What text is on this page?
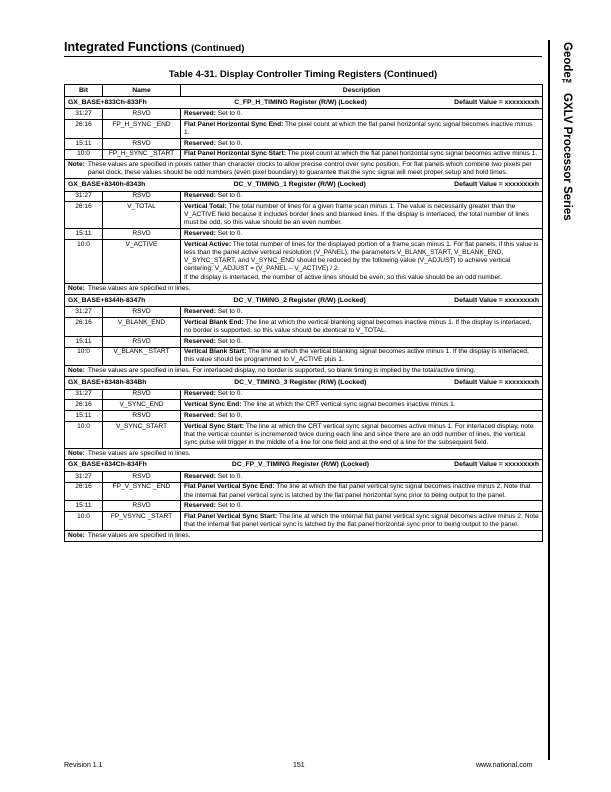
Integrated Functions (Continued)	Geode™ GXLV Processor Series
Table 4-31. Display Controller Timing Registers (Continued)
Bit	Name	Description

GX_BASE+833Ch-833Fh C_FP_H_TIMING Register (R/W) (Locked) Default Value = xxxxxxxxh		

31:27	RSVD	Reserved: Set to 0.

26:16	FP_H_SYNC _END	Flat Panel Horizontal Sync End: The pixel count at which the flat panel horizontal sync signal becomes inactive minus 1.

15:11	RSVD	Reserved: Set to 0.

10:0	FP_H_SYNC _START	Flat Panel Horizontal Sync Start: The pixel count at which the flat panel horizontal sync signal becomes active minus 1.

Note: These values are specified in pixels rather than character clocks to allow precise control over sync position. For flat panels which combine two pixels per panel clock, these values should be odd numbers (even pixel boundary) to guarantee that the sync signal will meet proper setup and hold times.		

GX_BASE+8340h-8343h DC_V_TIMING_1 Register (R/W) (Locked) Default Value = xxxxxxxxh		

31:27	RSVD	Reserved: Set to 0.

26:16	V_TOTAL	Vertical Total: The total number of lines for a given frame scan minus 1. The value is necessarily greater than the V_ACTIVE field because it includes border lines and blanked lines. If the display is interlaced, the total number of lines must be odd, so this value should be an even number.

15:11	RSVD	Reserved: Set to 0.

10:0	V_ACTIVE	Vertical Active: The total number of lines for the displayed portion of a frame scan minus 1. For flat panels, if this value is less than the panel active vertical resolution (V_PANEL), the parameters V_BLANK_START, V_BLANK_END, V_SYNC_START, and V_SYNC_END should be reduced by the following value (V_ADJUST) to achieve vertical centering: V_ADJUST = (V_PANEL – V_ACTIVE) / 2

If the display is interlaced, the number of active lines should be even, so this value should be an odd number.

Note: These values are specified in lines.		

GX_BASE+8344h-8347h DC_V_TIMING_2 Register (R/W) (Locked) Default Value = xxxxxxxxh		

31:27	RSVD	Reserved: Set to 0.

26:16	V_BLANK_END	Vertical Blank End: The line at which the vertical blanking signal becomes inactive minus 1. If the display is interlaced, no border is supported, so this value should be identical to V_TOTAL.

15:11	RSVD	Reserved: Set to 0.

10:0	V_BLANK_ START	Vertical Blank Start: The line at which the vertical blanking signal becomes active minus 1. If the display is interlaced, this value should be programmed to V_ACTIVE plus 1.

Note: These values are specified in lines. For interlaced display, no border is supported, so blank timing is implied by the total/active timing.		

GX_BASE+8348h-834Bh DC_V_TIMING_3 Register (R/W) (Locked) Default Value = xxxxxxxxh		

31:27	RSVD	Reserved: Set to 0.

26:16	V_SYNC_END	Vertical Sync End: The line at which the CRT vertical sync signal becomes inactive minus 1.

15:11	RSVD	Reserved: Set to 0.

10:0	V_SYNC_START	Vertical Sync Start: The line at which the CRT vertical sync signal becomes active minus 1. For interlaced display, note that the vertical counter is incremented twice during each line and since there are an odd number of lines, the vertical sync pulse will trigger in the middle of a line for one field and at the end of a line for the subsequent field.

Note: These values are specified in lines.		

GX_BASE+834Ch-834Fh DC_FP_V_TIMING Register (R/W) (Locked) Default Value = xxxxxxxxh		

31:27	RSVD	Reserved: Set to 0.

26:16	FP_V_SYNC _END	Flat Panel Vertical Sync End: The line at which the flat panel vertical sync signal becomes inactive minus 2. Note that the internal flat panel vertical sync is latched by the flat panel horizontal sync prior to being output to the panel.

15:11	RSVD	Reserved: Set to 0.

10:0	FP_VSYNC _START	Flat Panel Vertical Sync Start: The line at which the internal flat panel vertical sync signal becomes active minus 2. Note that the internal flat panel vertical sync is latched by the flat panel horizontal sync prior to being output to the panel.

Note: These values are specified in lines.		
Revision 1.1	151	www.national.com
